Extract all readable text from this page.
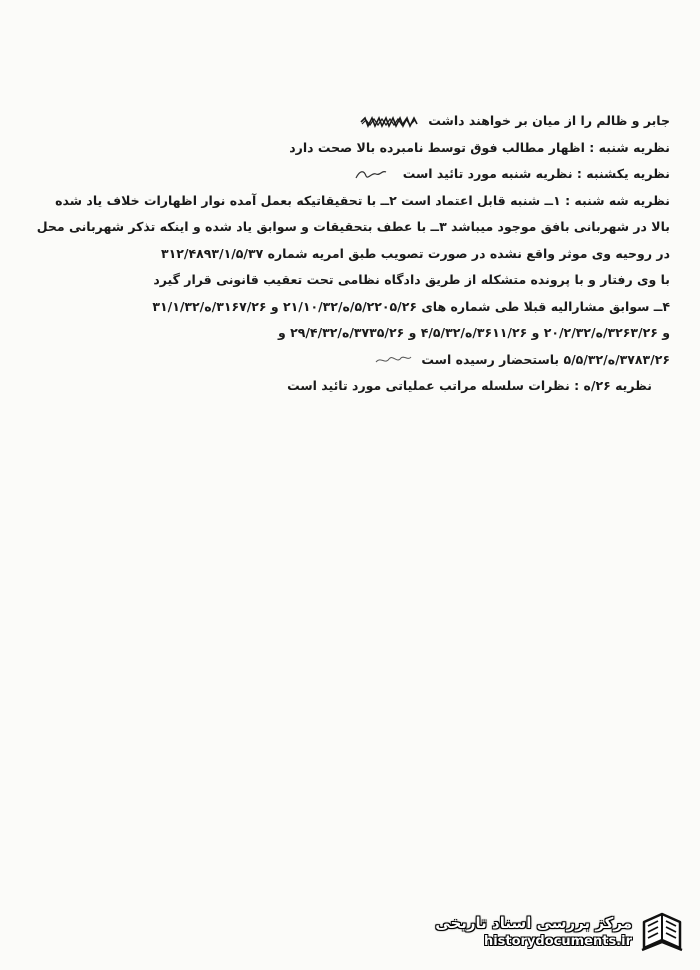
جابر و ظالم را از میان بر خواهند داشت
نظریه شنبه : اظهار مطالب فوق توسط نامبرده بالا صحت دارد
نظریه یکشنبه : نظریه شنبه مورد تائید است
نظریه شه شنبه : ۱ــ شنبه قابل اعتماد است ۲ــ با تحقیقاتیکه بعمل آمده نوار اظهارات خلاف یاد شده
بالا در شهربانی بافق موجود میباشد ۳ــ با عطف بتحقیقات و سوابق یاد شده و اینکه تذکر شهربانی محل
در روحیه وی موثر واقع نشده در صورت تصویب طبق امریه شماره ۳۱۲/۴۸۹۳/۱/۵/۳۷
با وی رفتار و با پرونده متشکله از طریق دادگاه نظامی تحت تعقیب قانونی قرار گیرد
۴ــ سوابق مشارالیه قبلا طی شماره های ۵/۲۲۰۵/۲۶/ه/۲۱/۱۰/۳۲ و ۳۱۶۷/۲۶/ه/۳۱/۱/۳۲
و ۳۲۶۳/۲۶/ه/۲۰/۲/۳۲ و ۳۶۱۱/۲۶/ه/۴/۵/۳۲ و ۳۷۳۵/۲۶/ه/۲۹/۴/۳۲ و
۳۷۸۳/۲۶/ه/۵/۵/۳۲ باستحضار رسیده است
نظریه ۲۶/ه : نظرات سلسله مراتب عملیاتی مورد تائید است
مرکز بررسی اسناد تاریخی
historydocuments.ir
